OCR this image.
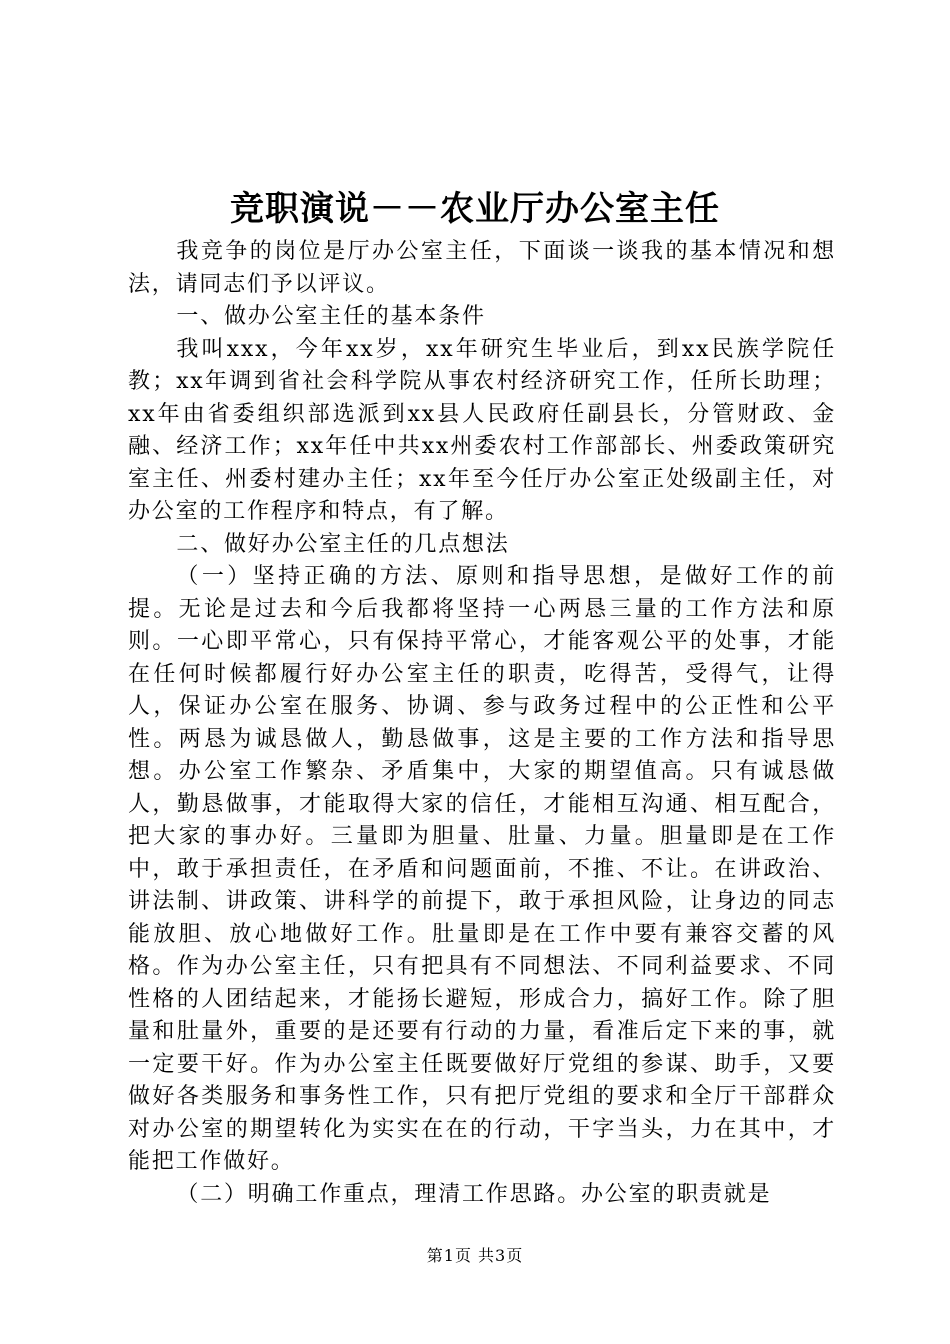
竞职演说－－农业厅办公室主任

我竞争的岗位是厅办公室主任，下面谈一谈我的基本情况和想法，请同志们予以评议。

一、做办公室主任的基本条件

我叫xxx，今年xx岁，xx年研究生毕业后，到xx民族学院任教；xx年调到省社会科学院从事农村经济研究工作，任所长助理；xx年由省委组织部选派到xx县人民政府任副县长，分管财政、金融、经济工作；xx年任中共xx州委农村工作部部长、州委政策研究室主任、州委村建办主任；xx年至今任厅办公室正处级副主任，对办公室的工作程序和特点，有了解。

二、做好办公室主任的几点想法

（一）坚持正确的方法、原则和指导思想，是做好工作的前提。无论是过去和今后我都将坚持一心两恳三量的工作方法和原则。一心即平常心，只有保持平常心，才能客观公平的处事，才能在任何时候都履行好办公室主任的职责，吃得苦，受得气，让得人，保证办公室在服务、协调、参与政务过程中的公正性和公平性。两恳为诚恳做人，勤恳做事，这是主要的工作方法和指导思想。办公室工作繁杂、矛盾集中，大家的期望值高。只有诚恳做人，勤恳做事，才能取得大家的信任，才能相互沟通、相互配合，把大家的事办好。三量即为胆量、肚量、力量。胆量即是在工作中，敢于承担责任，在矛盾和问题面前，不推、不让。在讲政治、讲法制、讲政策、讲科学的前提下，敢于承担风险，让身边的同志能放胆、放心地做好工作。肚量即是在工作中要有兼容交蓄的风格。作为办公室主任，只有把具有不同想法、不同利益要求、不同性格的人团结起来，才能扬长避短，形成合力，搞好工作。除了胆量和肚量外，重要的是还要有行动的力量，看准后定下来的事，就一定要干好。作为办公室主任既要做好厅党组的参谋、助手，又要做好各类服务和事务性工作，只有把厅党组的要求和全厅干部群众对办公室的期望转化为实实在在的行动，干字当头，力在其中，才能把工作做好。

（二）明确工作重点，理清工作思路。办公室的职责就是

第1页 共3页
